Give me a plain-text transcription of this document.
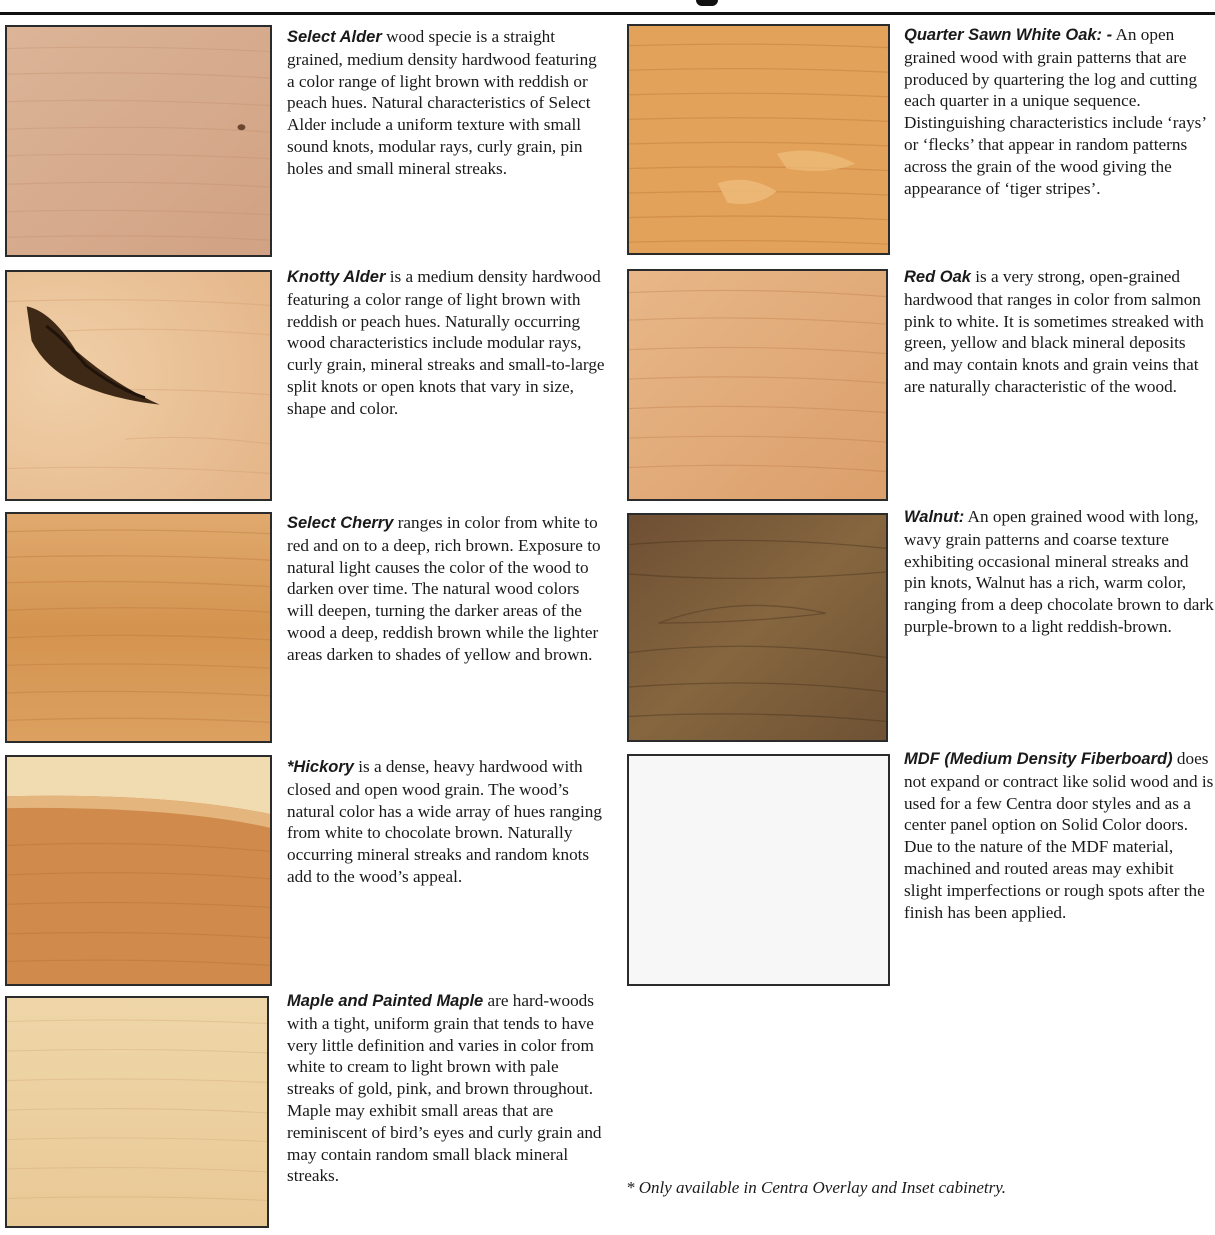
Select Alder wood specie is a straight grained, medium density hardwood featuring a color range of light brown with reddish or peach hues. Natural characteristics of Select Alder include a uniform texture with small sound knots, modular rays, curly grain, pin holes and small mineral streaks.
Knotty Alder is a medium density hardwood featuring a color range of light brown with reddish or peach hues. Naturally occurring wood characteristics include modular rays, curly grain, mineral streaks and small-to-large split knots or open knots that vary in size, shape and color.
Select Cherry ranges in color from white to red and on to a deep, rich brown. Exposure to natural light causes the color of the wood to darken over time. The natural wood colors will deepen, turning the darker areas of the wood a deep, reddish brown while the lighter areas darken to shades of yellow and brown.
*Hickory is a dense, heavy hardwood with closed and open wood grain. The wood’s natural color has a wide array of hues ranging from white to chocolate brown. Naturally occurring mineral streaks and random knots add to the wood’s appeal.
Maple and Painted Maple are hard-woods with a tight, uniform grain that tends to have very little definition and varies in color from white to cream to light brown with pale streaks of gold, pink, and brown throughout. Maple may exhibit small areas that are reminiscent of bird’s eyes and curly grain and may contain random small black mineral streaks.
Quarter Sawn White Oak: - An open grained wood with grain patterns that are produced by quartering the log and cutting each quarter in a unique sequence. Distinguishing characteristics include ‘rays’ or ‘flecks’ that appear in random patterns across the grain of the wood giving the appearance of ‘tiger stripes’.
Red Oak is a very strong, open-grained hardwood that ranges in color from salmon pink to white. It is sometimes streaked with green, yellow and black mineral deposits and may contain knots and grain veins that are naturally characteristic of the wood.
Walnut: An open grained wood with long, wavy grain patterns and coarse texture exhibiting occasional mineral streaks and pin knots, Walnut has a rich, warm color, ranging from a deep chocolate brown to dark purple-brown to a light reddish-brown.
MDF (Medium Density Fiberboard) does not expand or contract like solid wood and is used for a few Centra door styles and as a center panel option on Solid Color doors. Due to the nature of the MDF material, machined and routed areas may exhibit slight imperfections or rough spots after the finish has been applied.
* Only available in Centra Overlay and Inset cabinetry.
